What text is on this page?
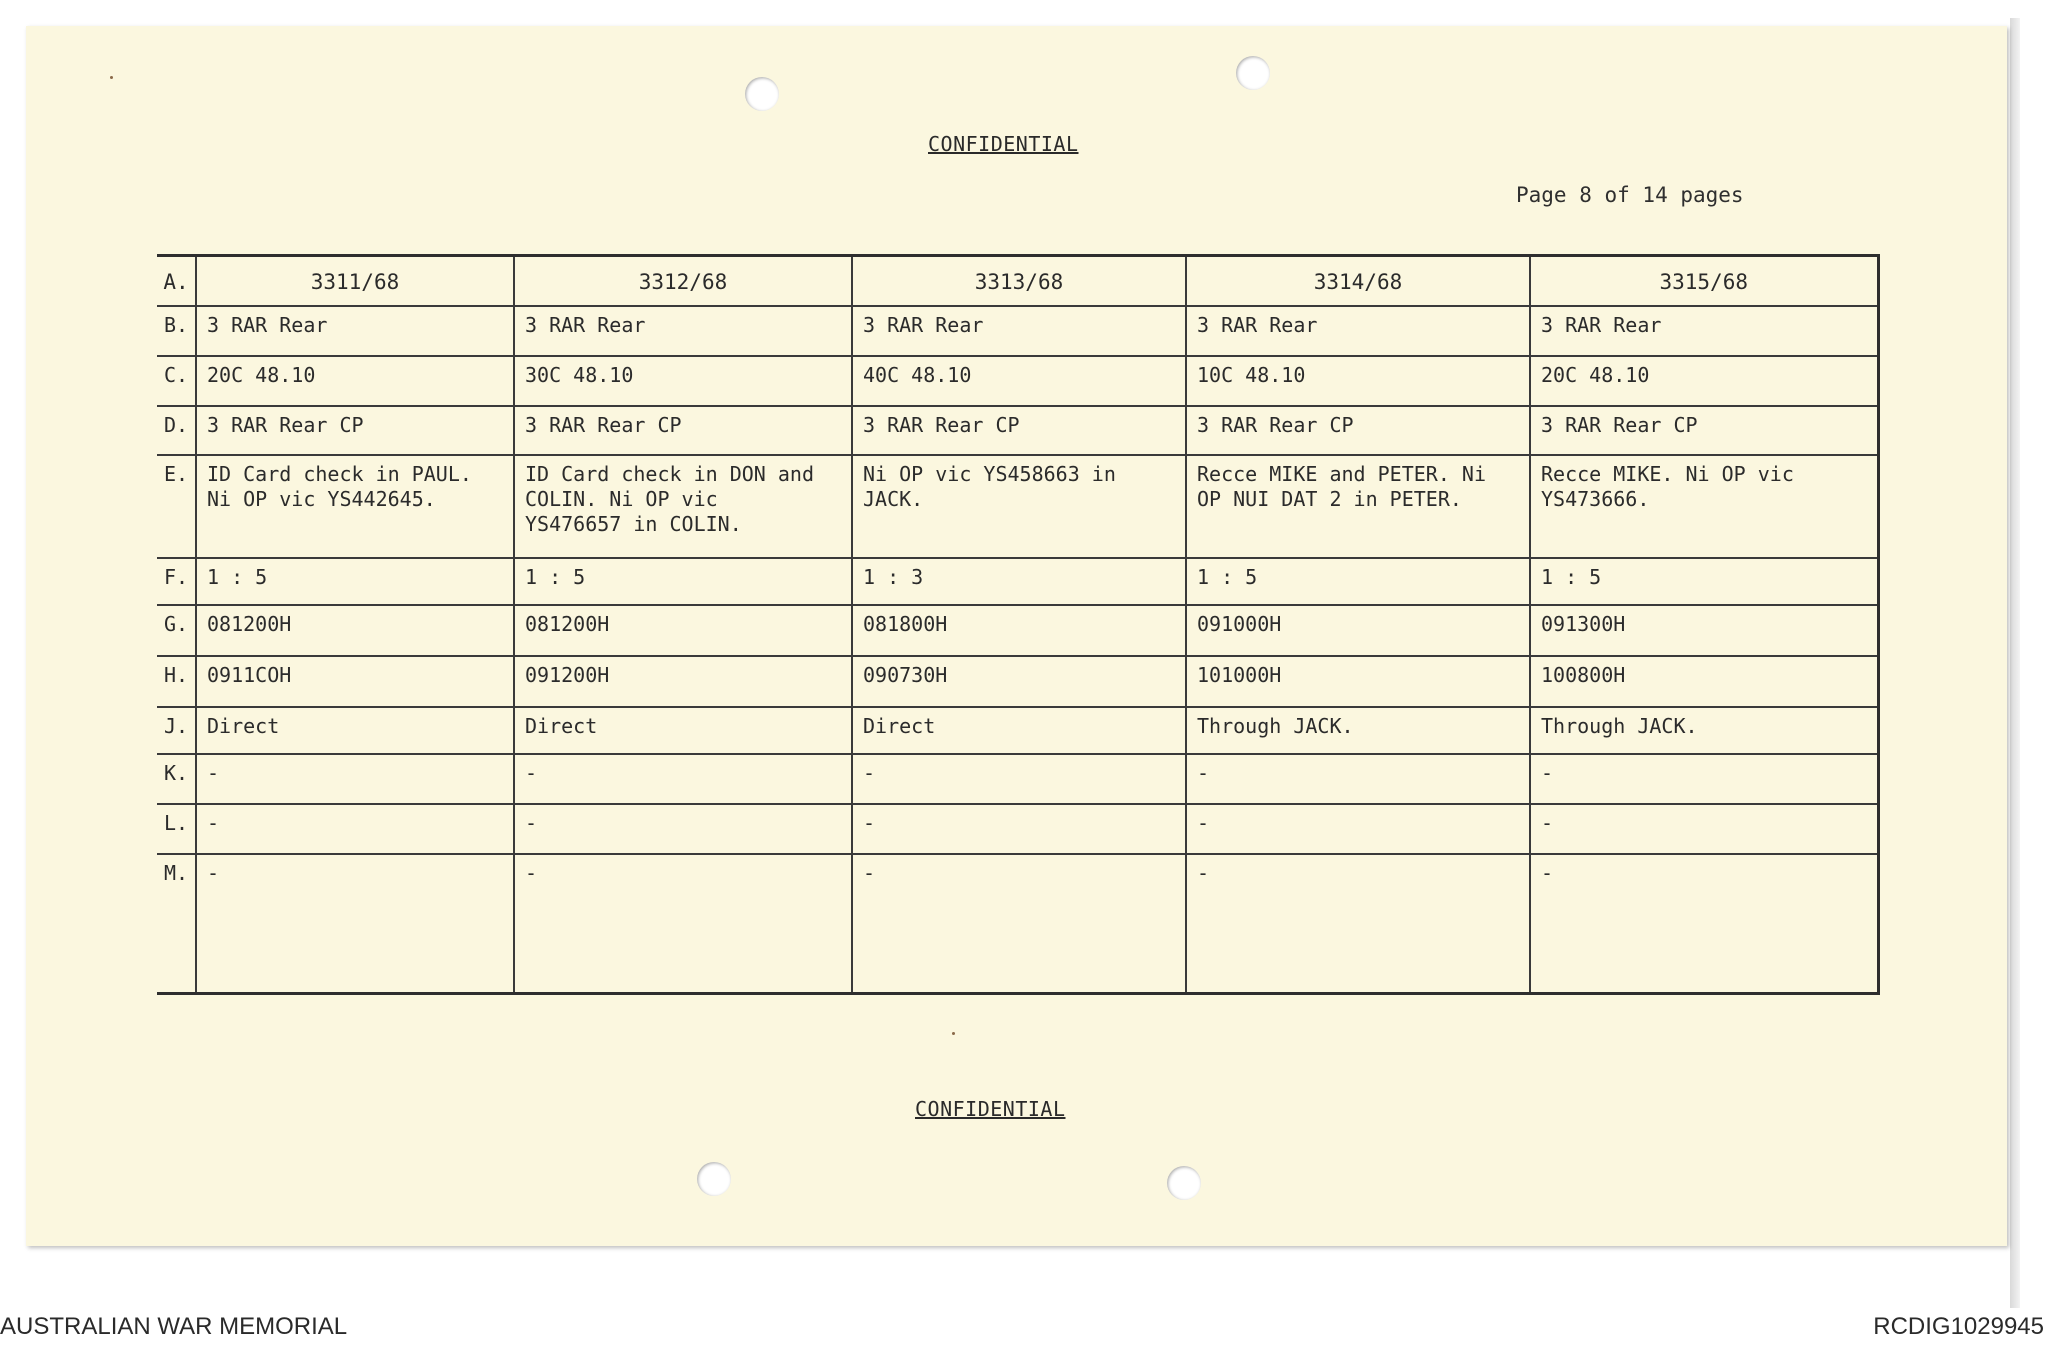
CONFIDENTIAL
Page 8 of 14 pages
A.	3311/68	3312/68	3313/68	3314/68	3315/68
B.	3 RAR Rear	3 RAR Rear	3 RAR Rear	3 RAR Rear	3 RAR Rear
C.	20C 48.10	30C 48.10	40C 48.10	10C 48.10	20C 48.10
D.	3 RAR Rear CP	3 RAR Rear CP	3 RAR Rear CP	3 RAR Rear CP	3 RAR Rear CP
E.	ID Card check in PAUL.
Ni OP vic YS442645.	ID Card check in DON and
COLIN. Ni OP vic
YS476657 in COLIN.	Ni OP vic YS458663 in
JACK.	Recce MIKE and PETER. Ni
OP NUI DAT 2 in PETER.	Recce MIKE. Ni OP vic
YS473666.
F.	1 : 5	1 : 5	1 : 3	1 : 5	1 : 5
G.	081200H	081200H	081800H	091000H	091300H
H.	0911COH	091200H	090730H	101000H	100800H
J.	Direct	Direct	Direct	Through JACK.	Through JACK.
K.	-	-	-	-	-
L.	-	-	-	-	-
M.	-	-	-	-	-
CONFIDENTIAL
AUSTRALIAN WAR MEMORIAL	RCDIG1029945
